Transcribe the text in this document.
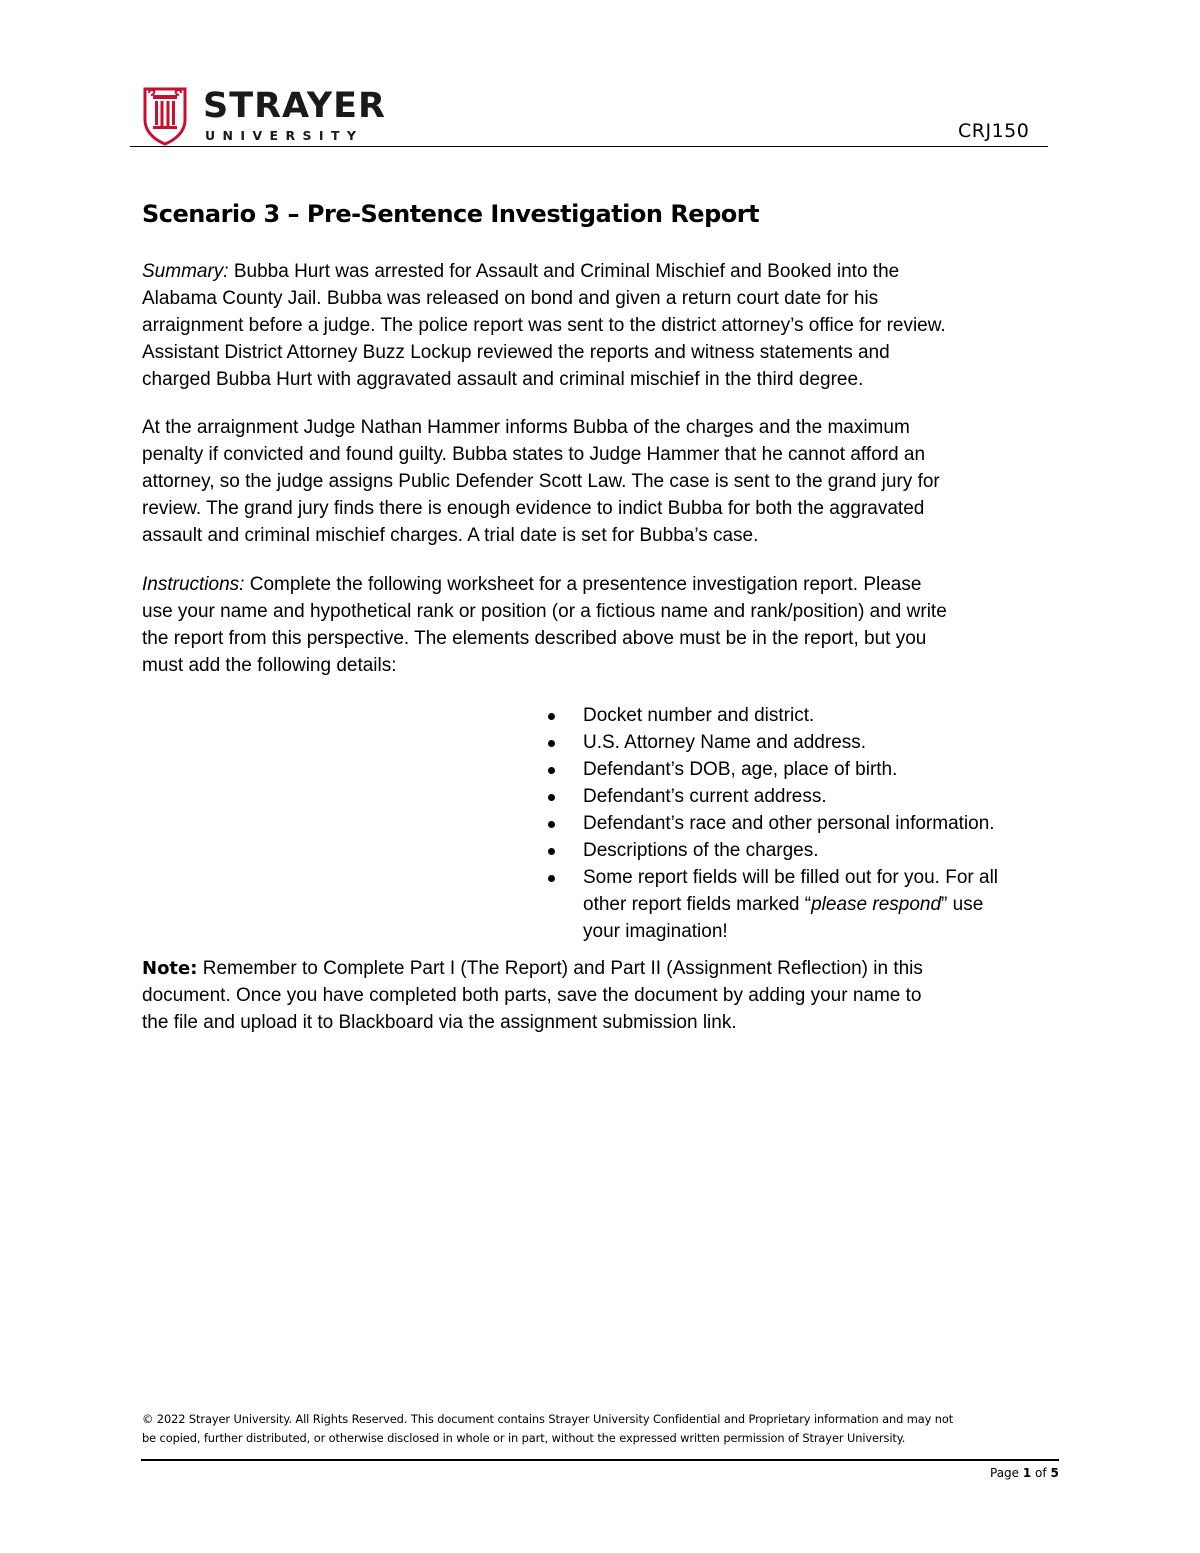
STRAYER
UNIVERSITY	CRJ150
Scenario 3 – Pre-Sentence Investigation Report
Summary: Bubba Hurt was arrested for Assault and Criminal Mischief and Booked into the
Alabama County Jail. Bubba was released on bond and given a return court date for his
arraignment before a judge. The police report was sent to the district attorney’s office for review.
Assistant District Attorney Buzz Lockup reviewed the reports and witness statements and
charged Bubba Hurt with aggravated assault and criminal mischief in the third degree.
At the arraignment Judge Nathan Hammer informs Bubba of the charges and the maximum
penalty if convicted and found guilty. Bubba states to Judge Hammer that he cannot afford an
attorney, so the judge assigns Public Defender Scott Law. The case is sent to the grand jury for
review. The grand jury finds there is enough evidence to indict Bubba for both the aggravated
assault and criminal mischief charges. A trial date is set for Bubba’s case.
Instructions: Complete the following worksheet for a presentence investigation report. Please
use your name and hypothetical rank or position (or a fictious name and rank/position) and write
the report from this perspective. The elements described above must be in the report, but you
must add the following details:
Docket number and district.
U.S. Attorney Name and address.
Defendant’s DOB, age, place of birth.
Defendant’s current address.
Defendant’s race and other personal information.
Descriptions of the charges.
Some report fields will be filled out for you. For all
other report fields marked “please respond” use
your imagination!
Note: Remember to Complete Part I (The Report) and Part II (Assignment Reflection) in this
document. Once you have completed both parts, save the document by adding your name to
the file and upload it to Blackboard via the assignment submission link.
© 2022 Strayer University. All Rights Reserved. This document contains Strayer University Confidential and Proprietary information and may not
be copied, further distributed, or otherwise disclosed in whole or in part, without the expressed written permission of Strayer University.
Page 1 of 5
